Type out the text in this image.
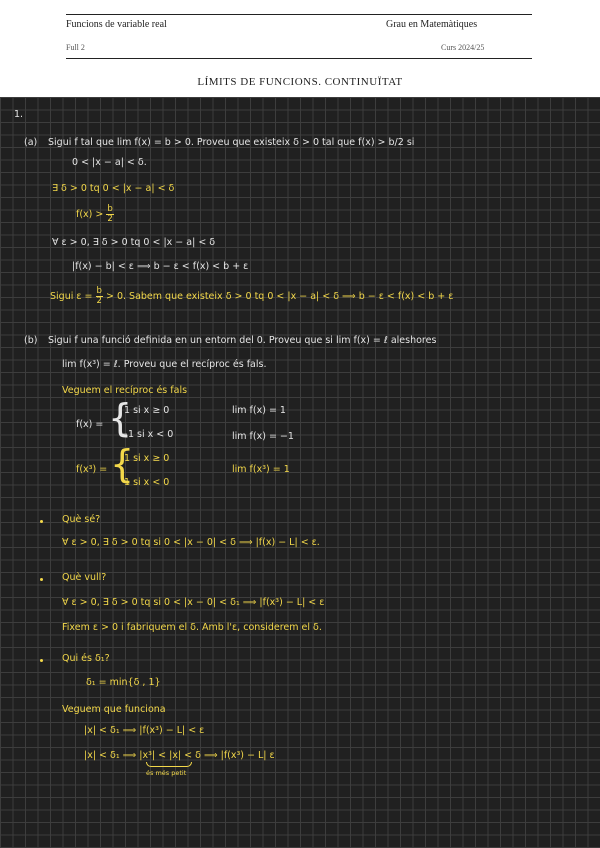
Funcions de variable real	Grau en Matemàtiques
Full 2	Curs 2024/25
LÍMITS DE FUNCIONS. CONTINUÏTAT
1.
(a) Sigui f tal que lim f(x) = b > 0. Proveu que existeix δ > 0 tal que f(x) > b/2 si
0 < |x − a| < δ.
∃ δ > 0 tq 0 < |x − a| < δ
$f(x) > \frac{b}{2}$
∀ ε > 0, ∃ δ > 0 tq 0 < |x − a| < δ
|f(x) − b| < ε ⟹ b − ε < f(x) < b + ε
Sigui $\varepsilon = \frac{b}{2} > 0$. Sabem que existeix δ > 0 tq 0 < |x − a| < δ ⟹ b − ε < f(x) < b + ε
(b) Sigui f una funció definida en un entorn del 0. Proveu que si lim f(x) = ℓ aleshores
lim f(x³) = ℓ. Proveu que el recíproc és fals.
Veguem el recíproc és fals
f(x) = {
1 si x ≥ 0
−1 si x < 0
lim f(x) = 1
lim f(x) = −1
f(x³) = {
1 si x ≥ 0
1 si x < 0
lim f(x³) = 1
Què sé?
∀ ε > 0, ∃ δ > 0 tq si 0 < |x − 0| < δ ⟹ |f(x) − L| < ε.
Què vull?
∀ ε > 0, ∃ δ > 0 tq si 0 < |x − 0| < δ₁ ⟹ |f(x³) − L| < ε
Fixem ε > 0 i fabriquem el δ. Amb l'ε, considerem el δ.
Qui és δ₁?
δ₁ = min{δ , 1}
Veguem que funciona
|x| < δ₁ ⟹ |f(x³) − L| < ε
|x| < δ₁ ⟹ |x³| < |x| < δ ⟹ |f(x³) − L| ε
és més petit
